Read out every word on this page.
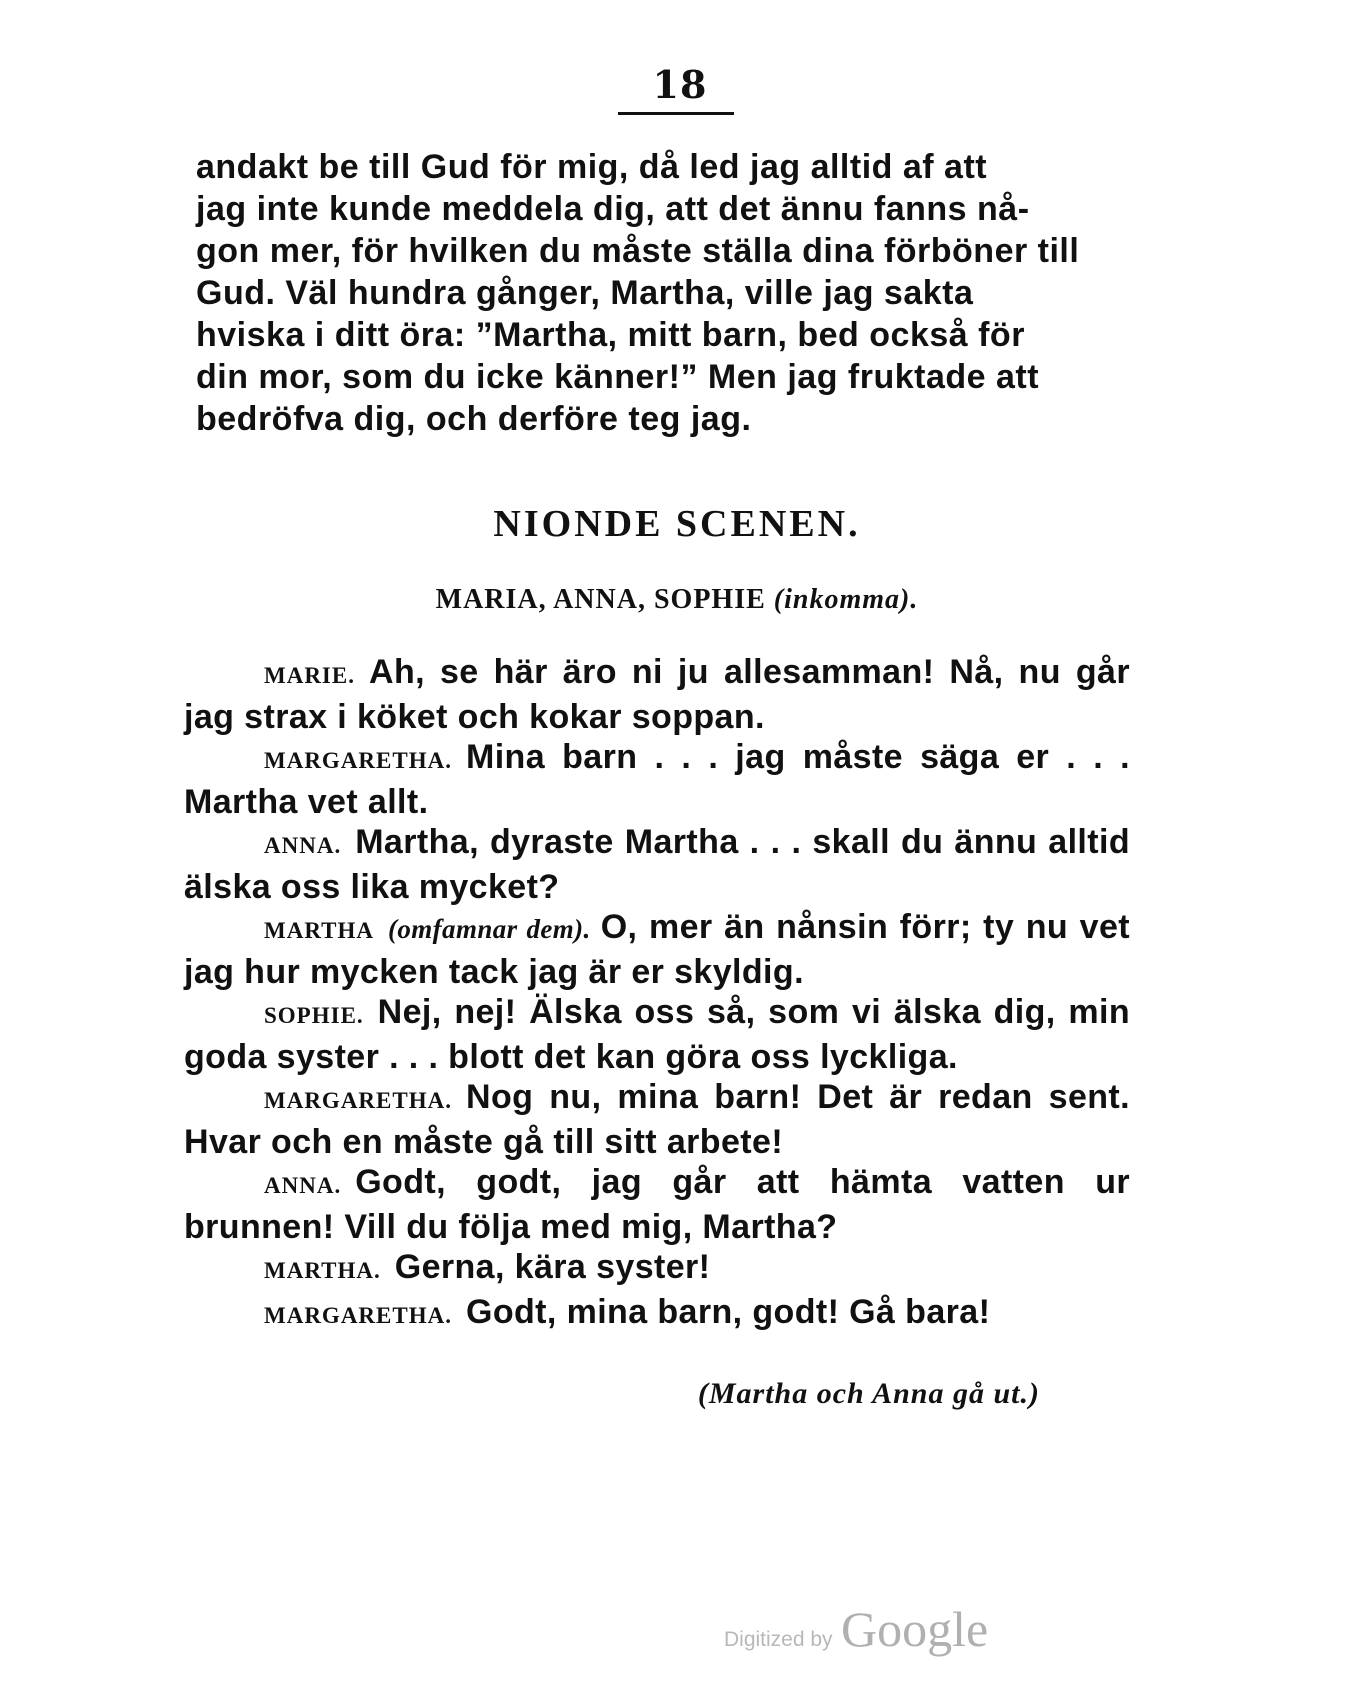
18
andakt be till Gud för mig, då led jag alltid af att
jag inte kunde meddela dig, att det ännu fanns nå-
gon mer, för hvilken du måste ställa dina förböner till
Gud. Väl hundra gånger, Martha, ville jag sakta
hviska i ditt öra: ”Martha, mitt barn, bed också för
din mor, som du icke känner!” Men jag fruktade att
bedröfva dig, och derföre teg jag.
NIONDE SCENEN.
MARIA, ANNA, SOPHIE (inkomma).

MARIE. Ah, se här äro ni ju allesamman! Nå, nu går jag strax i köket och kokar soppan.

MARGARETHA. Mina barn . . . jag måste säga er . . . Martha vet allt.

ANNA. Martha, dyraste Martha . . . skall du ännu alltid älska oss lika mycket?

MARTHA (omfamnar dem). O, mer än nånsin förr; ty nu vet jag hur mycken tack jag är er skyldig.

SOPHIE. Nej, nej! Älska oss så, som vi älska dig, min goda syster . . . blott det kan göra oss lyckliga.

MARGARETHA. Nog nu, mina barn! Det är redan sent. Hvar och en måste gå till sitt arbete!

ANNA. Godt, godt, jag går att hämta vatten ur brunnen! Vill du följa med mig, Martha?

MARTHA. Gerna, kära syster!

MARGARETHA. Godt, mina barn, godt! Gå bara!

(Martha och Anna gå ut.)
Digitized by Google
